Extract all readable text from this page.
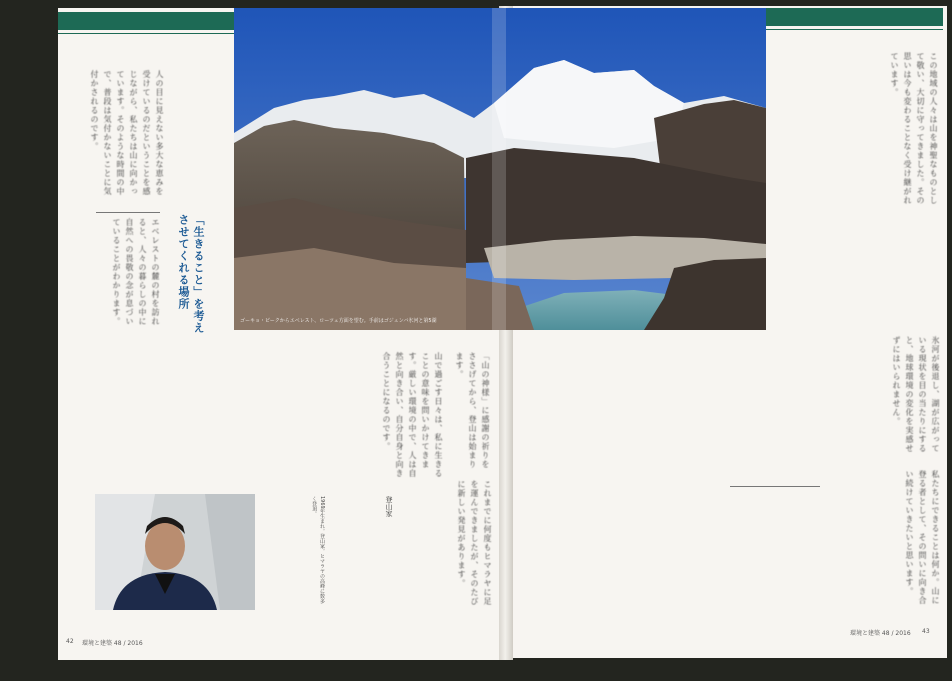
ゴーキョ・ピークからエベレスト、ローツェ方面を望む。手前はゴジュンバ氷河と第5湖
人の目に見えない多大な恵みを受けているのだということを感じながら、私たちは山に向かっています。そのような時間の中で、普段は気付かないことに気付かされるのです。
エベレストの麓の村を訪れると、人々の暮らしの中に自然への畏敬の念が息づいていることがわかります。	「生きること」を考え
させてくれる場所
山で過ごす日々は、私に生きることの意味を問いかけてきます。厳しい環境の中で、人は自然と向き合い、自分自身と向き合うことになるのです。	「山の神様」に感謝の祈りをささげてから、登山は始まります。
これまでに何度もヒマラヤに足を運んできましたが、そのたびに新しい発見があります。
1969年生まれ。登山家。ヒマラヤの高峰に数多く登頂。	登山家
この地域の人々は山を神聖なものとして敬い、大切に守ってきました。その思いは今も変わることなく受け継がれています。
氷河が後退し、湖が広がっている現状を目の当たりにすると、地球環境の変化を実感せずにはいられません。
私たちにできることは何か。山に登る者として、その問いに向き合い続けていきたいと思います。
42 環境と建築 48 / 2016
環境と建築 48 / 2016 43
